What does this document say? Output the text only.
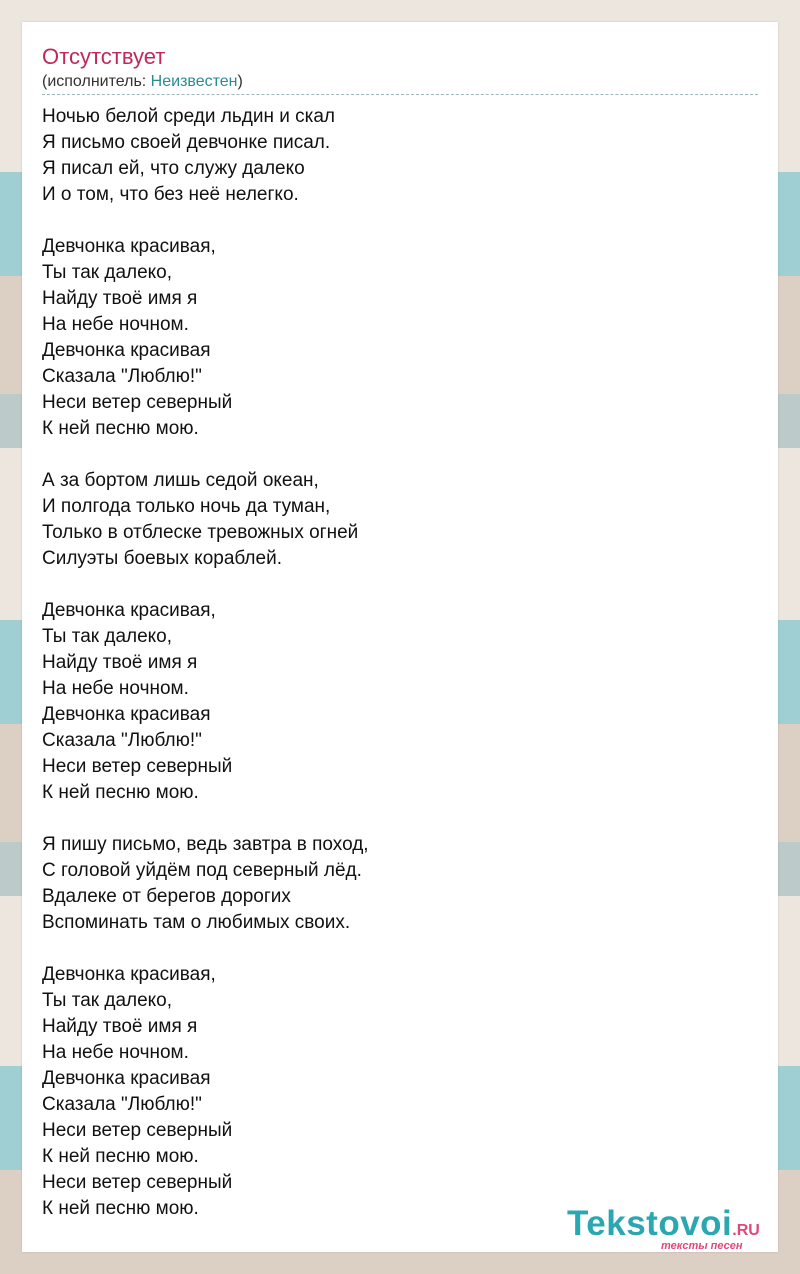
Отсутствует
(исполнитель: Неизвестен)
Ночью белой среди льдин и скал
Я письмо своей девчонке писал.
Я писал ей, что служу далеко
И о том, что без неё нелегко.
Девчонка красивая,
Ты так далеко,
Найду твоё имя я
На небе ночном.
Девчонка красивая
Сказала "Люблю!"
Неси ветер северный
К ней песню мою.
А за бортом лишь седой океан,
И полгода только ночь да туман,
Только в отблеске тревожных огней
Силуэты боевых кораблей.
Девчонка красивая,
Ты так далеко,
Найду твоё имя я
На небе ночном.
Девчонка красивая
Сказала "Люблю!"
Неси ветер северный
К ней песню мою.
Я пишу письмо, ведь завтра в поход,
С головой уйдём под северный лёд.
Вдалеке от берегов дорогих
Вспоминать там о любимых своих.
Девчонка красивая,
Ты так далеко,
Найду твоё имя я
На небе ночном.
Девчонка красивая
Сказала "Люблю!"
Неси ветер северный
К ней песню мою.
Неси ветер северный
К ней песню мою.	Tekstovoi.RU
тексты песен
